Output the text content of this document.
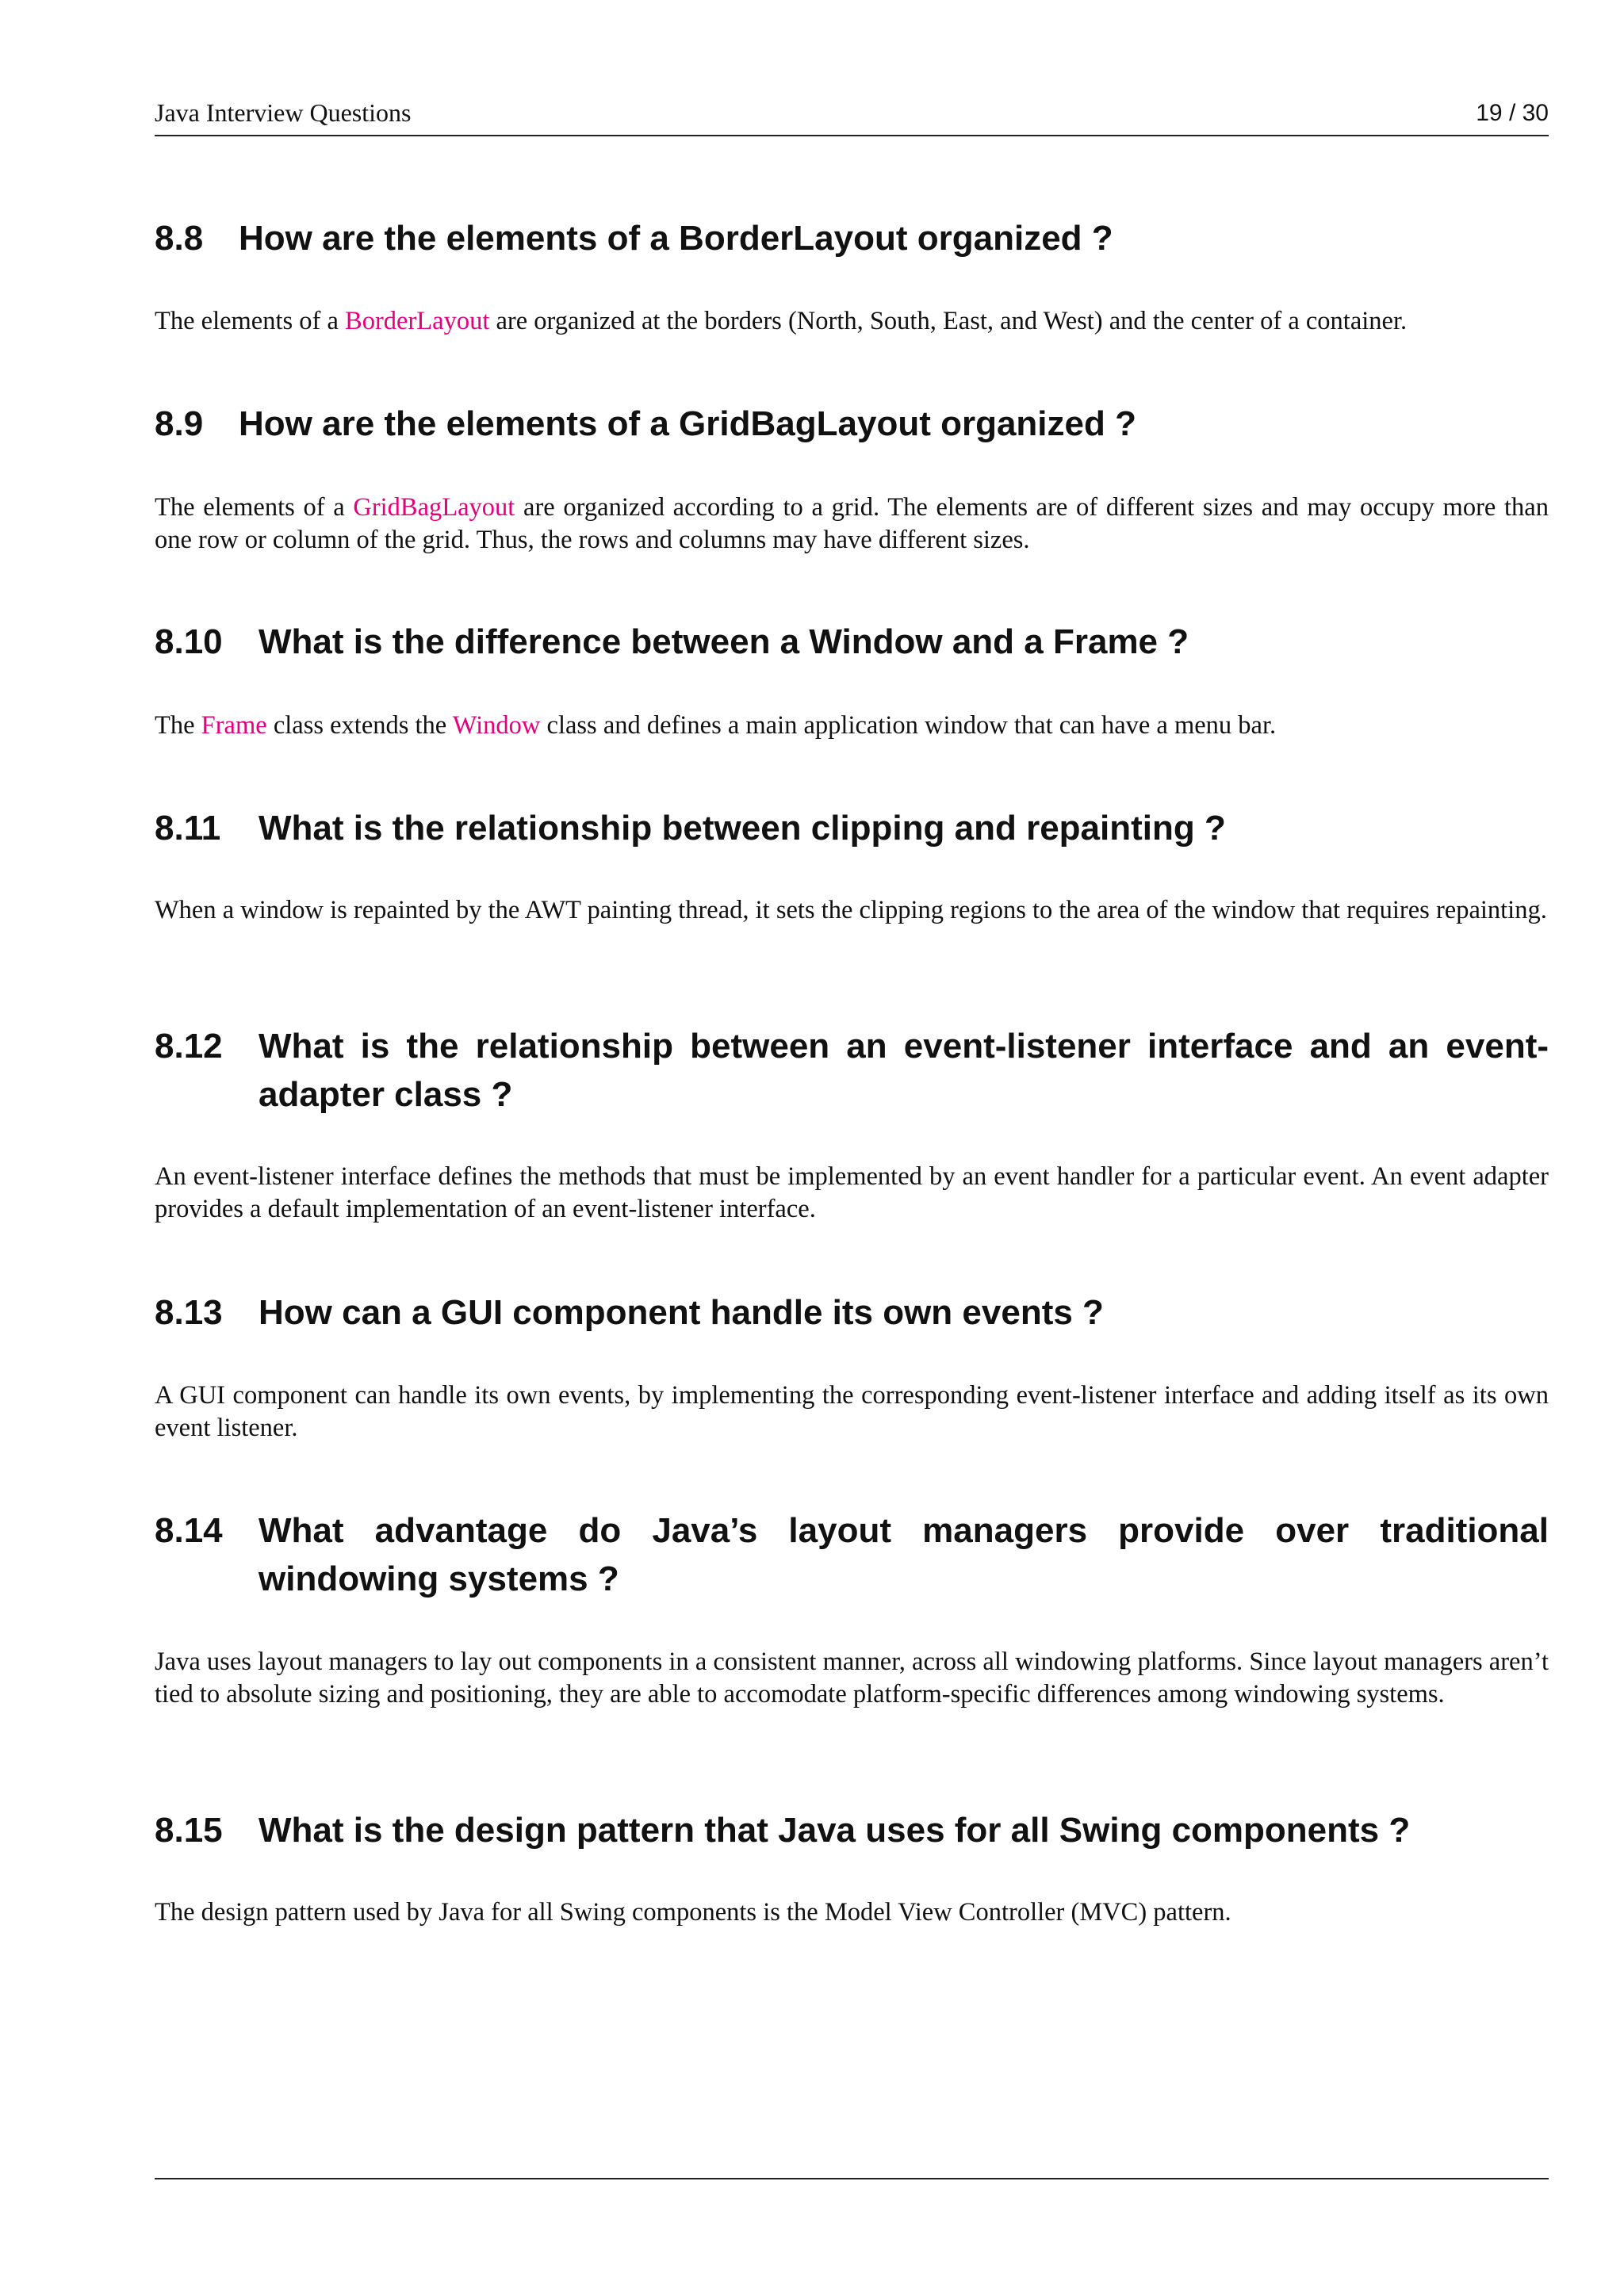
Java Interview Questions	19 / 30
8.8	How are the elements of a BorderLayout organized ?

The elements of a BorderLayout are organized at the borders (North, South, East, and West) and the center of a container.

8.9	How are the elements of a GridBagLayout organized ?

The elements of a GridBagLayout are organized according to a grid. The elements are of different sizes and may occupy more than one row or column of the grid. Thus, the rows and columns may have different sizes.

8.10	What is the difference between a Window and a Frame ?

The Frame class extends the Window class and defines a main application window that can have a menu bar.

8.11	What is the relationship between clipping and repainting ?

When a window is repainted by the AWT painting thread, it sets the clipping regions to the area of the window that requires repainting.

8.12	What is the relationship between an event-listener interface and an event-adapter class ?

An event-listener interface defines the methods that must be implemented by an event handler for a particular event. An event adapter provides a default implementation of an event-listener interface.

8.13	How can a GUI component handle its own events ?

A GUI component can handle its own events, by implementing the corresponding event-listener interface and adding itself as its own event listener.

8.14	What advantage do Java’s layout managers provide over traditional windowing systems ?

Java uses layout managers to lay out components in a consistent manner, across all windowing platforms. Since layout managers aren’t tied to absolute sizing and positioning, they are able to accomodate platform-specific differences among windowing systems.

8.15	What is the design pattern that Java uses for all Swing components ?

The design pattern used by Java for all Swing components is the Model View Controller (MVC) pattern.
